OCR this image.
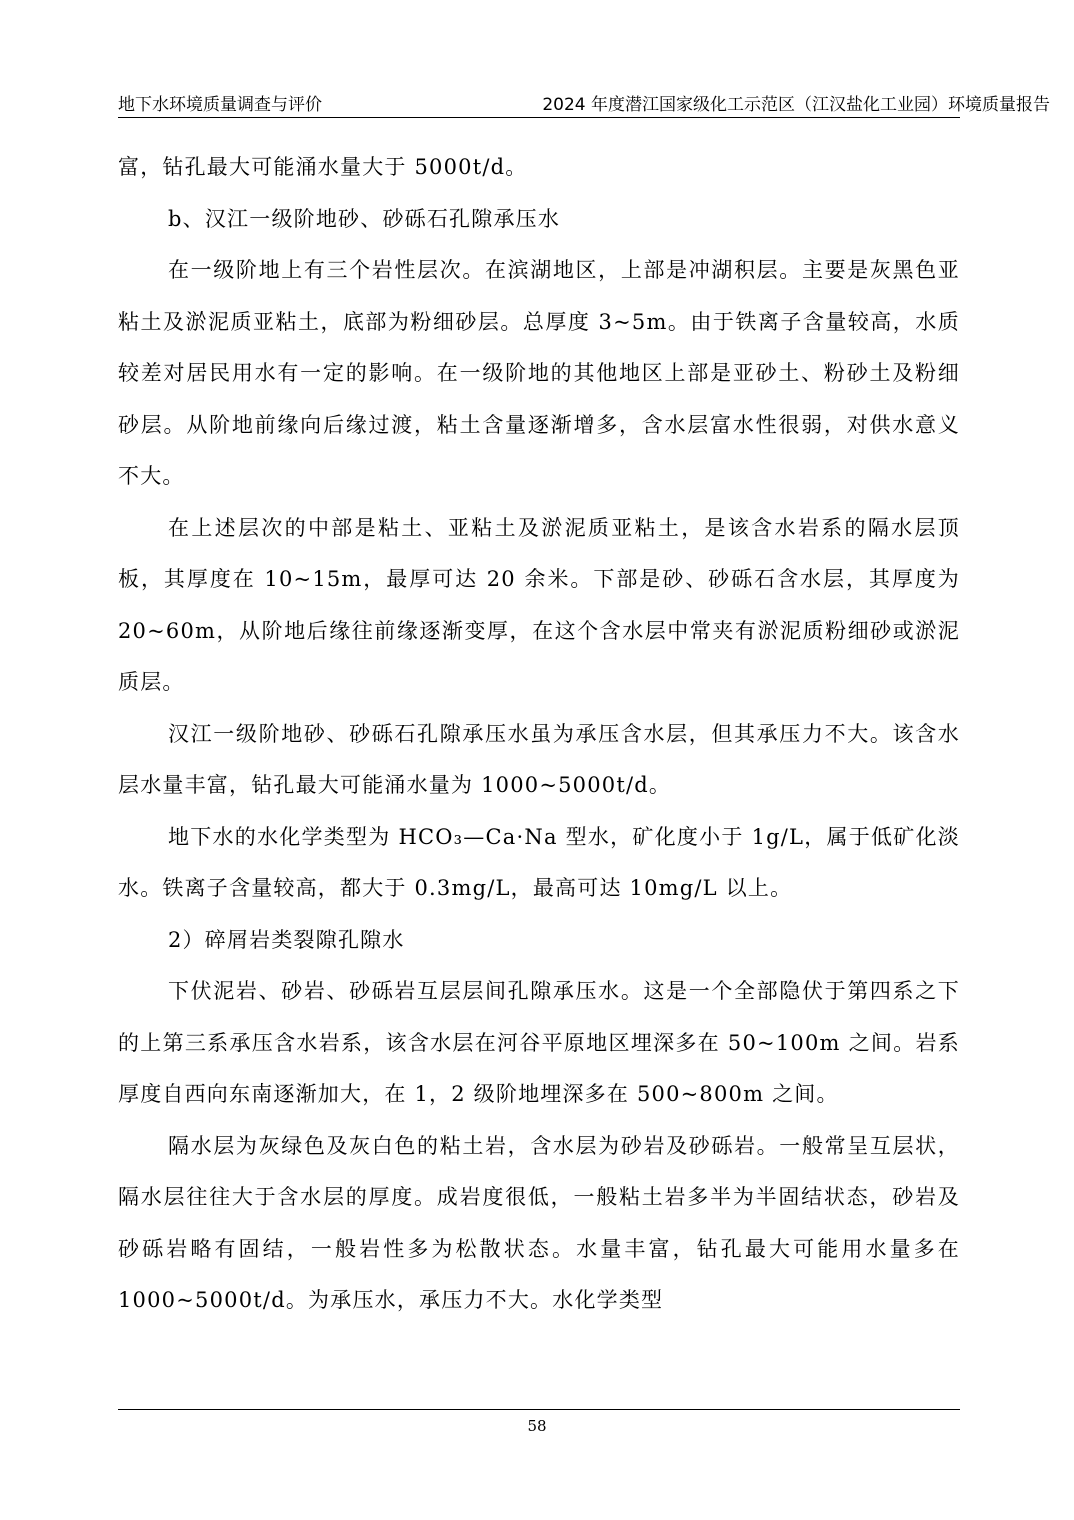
地下水环境质量调查与评价	2024 年度潜江国家级化工示范区（江汉盐化工业园）环境质量报告

富，钻孔最大可能涌水量大于 5000t/d。

b、汉江一级阶地砂、砂砾石孔隙承压水

在一级阶地上有三个岩性层次。在滨湖地区，上部是冲湖积层。主要是灰黑色亚粘土及淤泥质亚粘土，底部为粉细砂层。总厚度 3~5m。由于铁离子含量较高，水质较差对居民用水有一定的影响。在一级阶地的其他地区上部是亚砂土、粉砂土及粉细砂层。从阶地前缘向后缘过渡，粘土含量逐渐增多，含水层富水性很弱，对供水意义不大。

在上述层次的中部是粘土、亚粘土及淤泥质亚粘土，是该含水岩系的隔水层顶板，其厚度在 10~15m，最厚可达 20 余米。下部是砂、砂砾石含水层，其厚度为 20~60m，从阶地后缘往前缘逐渐变厚，在这个含水层中常夹有淤泥质粉细砂或淤泥质层。

汉江一级阶地砂、砂砾石孔隙承压水虽为承压含水层，但其承压力不大。该含水层水量丰富，钻孔最大可能涌水量为 1000~5000t/d。

地下水的水化学类型为 HCO₃—Ca·Na 型水，矿化度小于 1g/L，属于低矿化淡水。铁离子含量较高，都大于 0.3mg/L，最高可达 10mg/L 以上。

2）碎屑岩类裂隙孔隙水

下伏泥岩、砂岩、砂砾岩互层层间孔隙承压水。这是一个全部隐伏于第四系之下的上第三系承压含水岩系，该含水层在河谷平原地区埋深多在 50~100m 之间。岩系厚度自西向东南逐渐加大，在 1，2 级阶地埋深多在 500~800m 之间。

隔水层为灰绿色及灰白色的粘土岩，含水层为砂岩及砂砾岩。一般常呈互层状，隔水层往往大于含水层的厚度。成岩度很低，一般粘土岩多半为半固结状态，砂岩及砂砾岩略有固结，一般岩性多为松散状态。水量丰富，钻孔最大可能用水量多在 1000~5000t/d。为承压水，承压力不大。水化学类型

58
